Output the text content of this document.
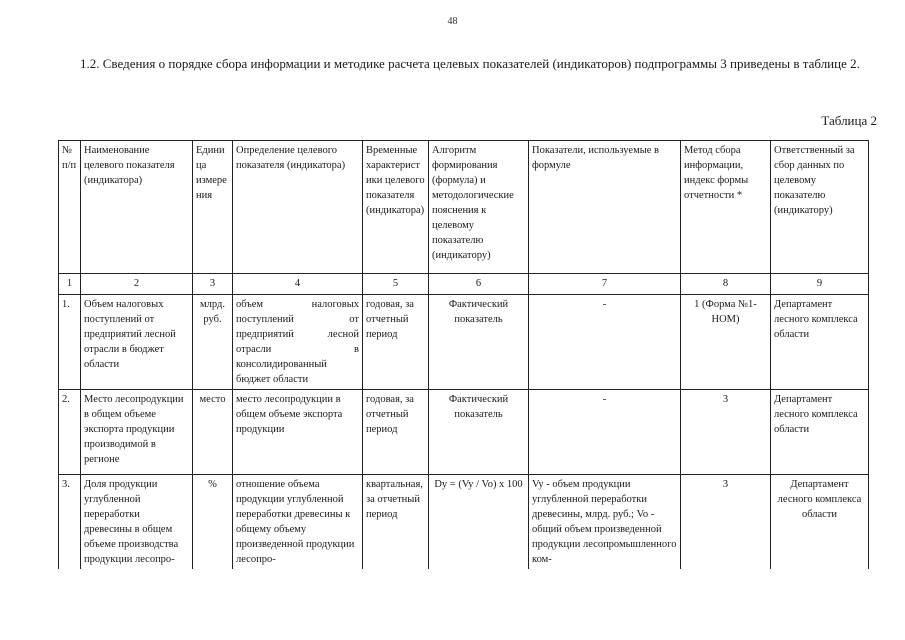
48
1.2. Сведения о порядке сбора информации и методике расчета целевых показателей (индикаторов) подпрограммы 3 приведены в таблице 2.
Таблица 2
№ п/п	Наименование целевого показателя (индикатора)	Единица измерения	Определение целевого показателя (индикатора)	Временные характеристики целевого показателя (индикатора)	Алгоритм формирования (формула) и методологические пояснения к целевому показателю (индикатору)	Показатели, используемые в формуле	Метод сбора информации, индекс формы отчетности *	Ответственный за сбор данных по целевому показателю (индикатору)
1	2	3	4	5	6	7	8	9
1.	Объем налоговых поступлений от предприятий лесной отрасли в бюджет области	млрд. руб.	объем налоговых поступлений от предприятий лесной отрасли в консолидированный бюджет области	годовая, за отчетный период	Фактический показатель	-	1 (Форма №1-НОМ)	Департамент лесного комплекса области
2.	Место лесопродукции в общем объеме экспорта продукции производимой в регионе	место	место лесопродукции в общем объеме экспорта продукции	годовая, за отчетный период	Фактический показатель	-	3	Департамент лесного комплекса области
3.	Доля продукции углубленной переработки древесины в общем объеме производства продукции лесопро-	%	отношение объема продукции углубленной переработки древесины к общему объему произведенной продукции лесопро-	квартальная, за отчетный период	Dy = (Vy / Vo) x 100	Vy - объем продукции углубленной переработки древесины, млрд. руб.; Vo - общий объем произведенной продукции лесопромышленного ком-	3	Департамент лесного комплекса области
